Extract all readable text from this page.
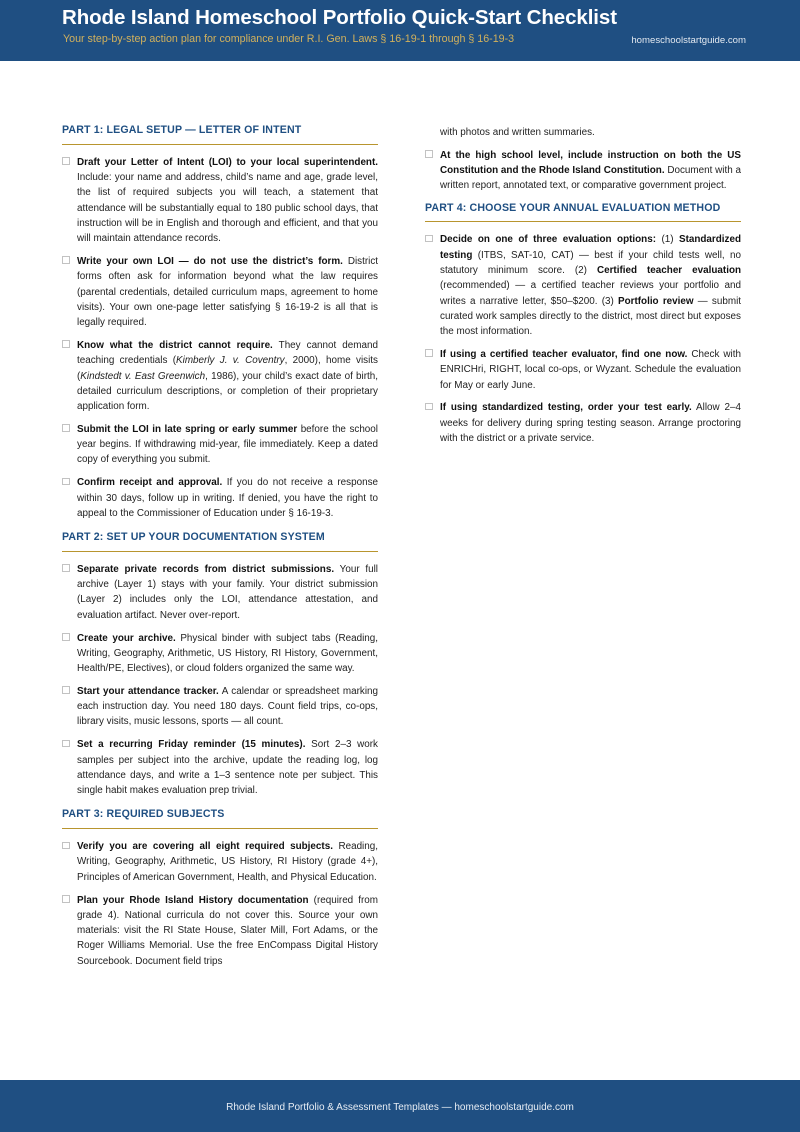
Rhode Island Homeschool Portfolio Quick-Start Checklist
Your step-by-step action plan for compliance under R.I. Gen. Laws § 16-19-1 through § 16-19-3	homeschoolstartguide.com
PART 1: LEGAL SETUP — LETTER OF INTENT
Draft your Letter of Intent (LOI) to your local superintendent. Include: your name and address, child’s name and age, grade level, the list of required subjects you will teach, a statement that attendance will be substantially equal to 180 public school days, that instruction will be in English and thorough and efficient, and that you will maintain attendance records.
Write your own LOI — do not use the district’s form. District forms often ask for information beyond what the law requires (parental credentials, detailed curriculum maps, agreement to home visits). Your own one-page letter satisfying § 16-19-2 is all that is legally required.
Know what the district cannot require. They cannot demand teaching credentials (Kimberly J. v. Coventry, 2000), home visits (Kindstedt v. East Greenwich, 1986), your child’s exact date of birth, detailed curriculum descriptions, or completion of their proprietary application form.
Submit the LOI in late spring or early summer before the school year begins. If withdrawing mid-year, file immediately. Keep a dated copy of everything you submit.
Confirm receipt and approval. If you do not receive a response within 30 days, follow up in writing. If denied, you have the right to appeal to the Commissioner of Education under § 16-19-3.
PART 2: SET UP YOUR DOCUMENTATION SYSTEM
Separate private records from district submissions. Your full archive (Layer 1) stays with your family. Your district submission (Layer 2) includes only the LOI, attendance attestation, and evaluation artifact. Never over-report.
Create your archive. Physical binder with subject tabs (Reading, Writing, Geography, Arithmetic, US History, RI History, Government, Health/PE, Electives), or cloud folders organized the same way.
Start your attendance tracker. A calendar or spreadsheet marking each instruction day. You need 180 days. Count field trips, co-ops, library visits, music lessons, sports — all count.
Set a recurring Friday reminder (15 minutes). Sort 2–3 work samples per subject into the archive, update the reading log, log attendance days, and write a 1–3 sentence note per subject. This single habit makes evaluation prep trivial.
PART 3: REQUIRED SUBJECTS
Verify you are covering all eight required subjects. Reading, Writing, Geography, Arithmetic, US History, RI History (grade 4+), Principles of American Government, Health, and Physical Education.
Plan your Rhode Island History documentation (required from grade 4). National curricula do not cover this. Source your own materials: visit the RI State House, Slater Mill, Fort Adams, or the Roger Williams Memorial. Use the free EnCompass Digital History Sourcebook. Document field trips

with photos and written summaries.

At the high school level, include instruction on both the US Constitution and the Rhode Island Constitution. Document with a written report, annotated text, or comparative government project.
PART 4: CHOOSE YOUR ANNUAL EVALUATION METHOD
Decide on one of three evaluation options: (1) Standardized testing (ITBS, SAT-10, CAT) — best if your child tests well, no statutory minimum score. (2) Certified teacher evaluation (recommended) — a certified teacher reviews your portfolio and writes a narrative letter, $50–$200. (3) Portfolio review — submit curated work samples directly to the district, most direct but exposes the most information.
If using a certified teacher evaluator, find one now. Check with ENRICHri, RIGHT, local co-ops, or Wyzant. Schedule the evaluation for May or early June.
If using standardized testing, order your test early. Allow 2–4 weeks for delivery during spring testing season. Arrange proctoring with the district or a private service.
Rhode Island Portfolio & Assessment Templates — homeschoolstartguide.com
